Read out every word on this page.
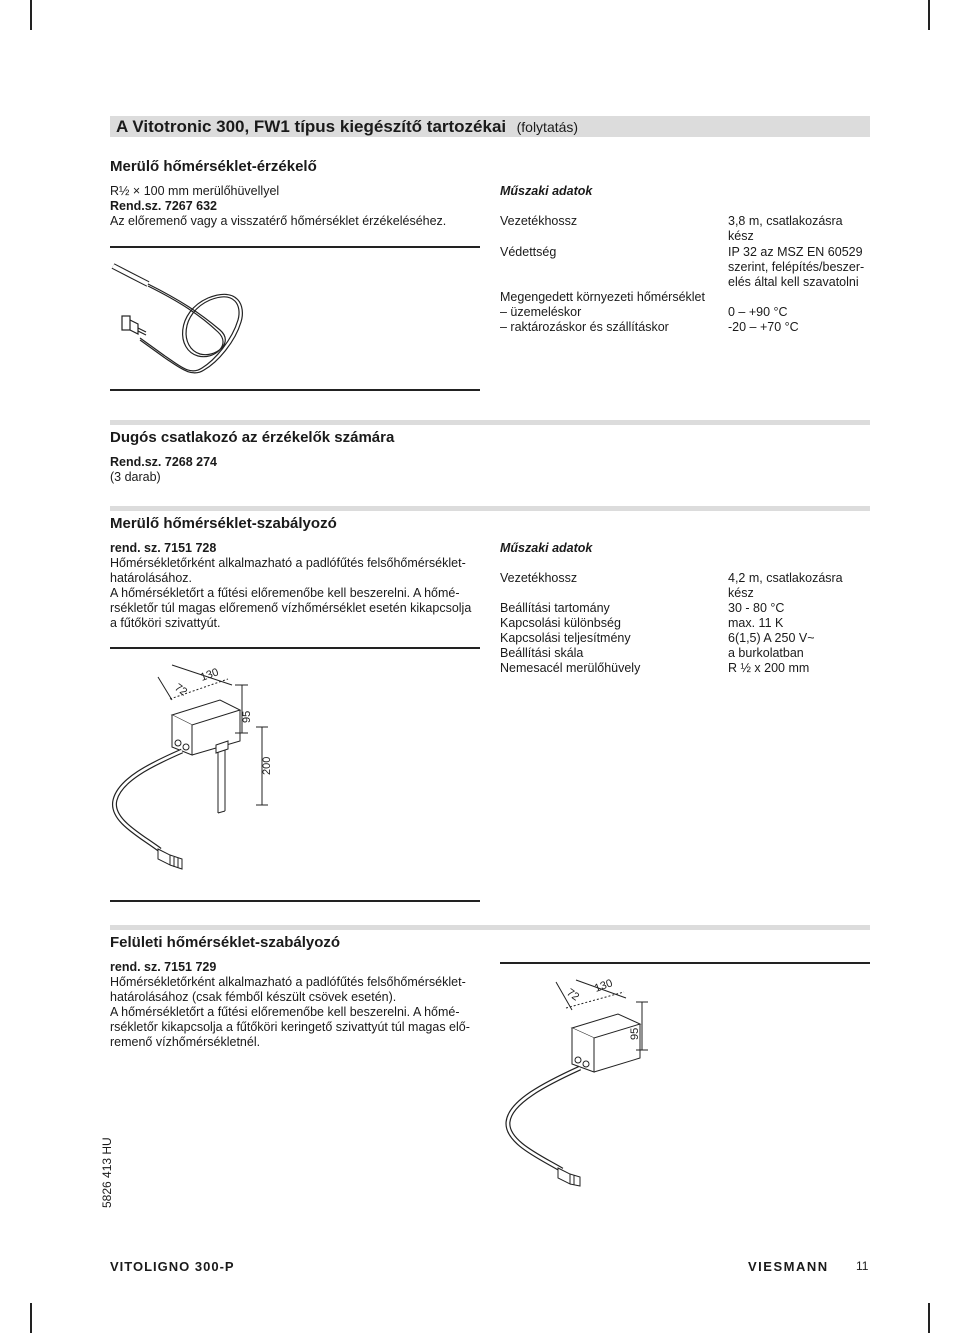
A Vitotronic 300, FW1 típus kiegészítő tartozékai (folytatás)
Merülő hőmérséklet-érzékelő
R½ × 100 mm merülőhüvellyel
Rend.sz. 7267 632
Az előremenő vagy a visszatérő hőmérséklet érzékeléséhez.
Műszaki adatok
Vezetékhossz	3,8 m, csatlakozásra
kész
Védettség	IP 32 az MSZ EN 60529
szerint, felépítés/beszer-
elés által kell szavatolni
Megengedett környezeti hőmérséklet
– üzemeléskor	0 – +90 °C
– raktározáskor és szállításkor	-20 – +70 °C
Dugós csatlakozó az érzékelők számára
Rend.sz. 7268 274
(3 darab)
Merülő hőmérséklet-szabályozó
rend. sz. 7151 728
Hőmérsékletőrként alkalmazható a padlófűtés felsőhőmérséklet-
határolásához.
A hőmérsékletőrt a fűtési előremenőbe kell beszerelni. A hőmé-
rsékletőr túl magas előremenő vízhőmérséklet esetén kikapcsolja
a fűtőköri szivattyút.
Műszaki adatok
Vezetékhossz	4,2 m, csatlakozásra
kész
Beállítási tartomány	30 - 80 °C
Kapcsolási különbség	max. 11 K
Kapcsolási teljesítmény	6(1,5) A 250 V~
Beállítási skála	a burkolatban
Nemesacél merülőhüvely	R ½ x 200 mm
72
130
95
200
Felületi hőmérséklet-szabályozó
rend. sz. 7151 729
Hőmérsékletőrként alkalmazható a padlófűtés felsőhőmérséklet-
határolásához (csak fémből készült csövek esetén).
A hőmérsékletőrt a fűtési előremenőbe kell beszerelni. A hőmé-
rsékletőr kikapcsolja a fűtőköri keringető szivattyút túl magas elő-
remenő vízhőmérsékletnél.
72
130
95
5826 413 HU
VITOLIGNO 300-P	VIESMANN 11
